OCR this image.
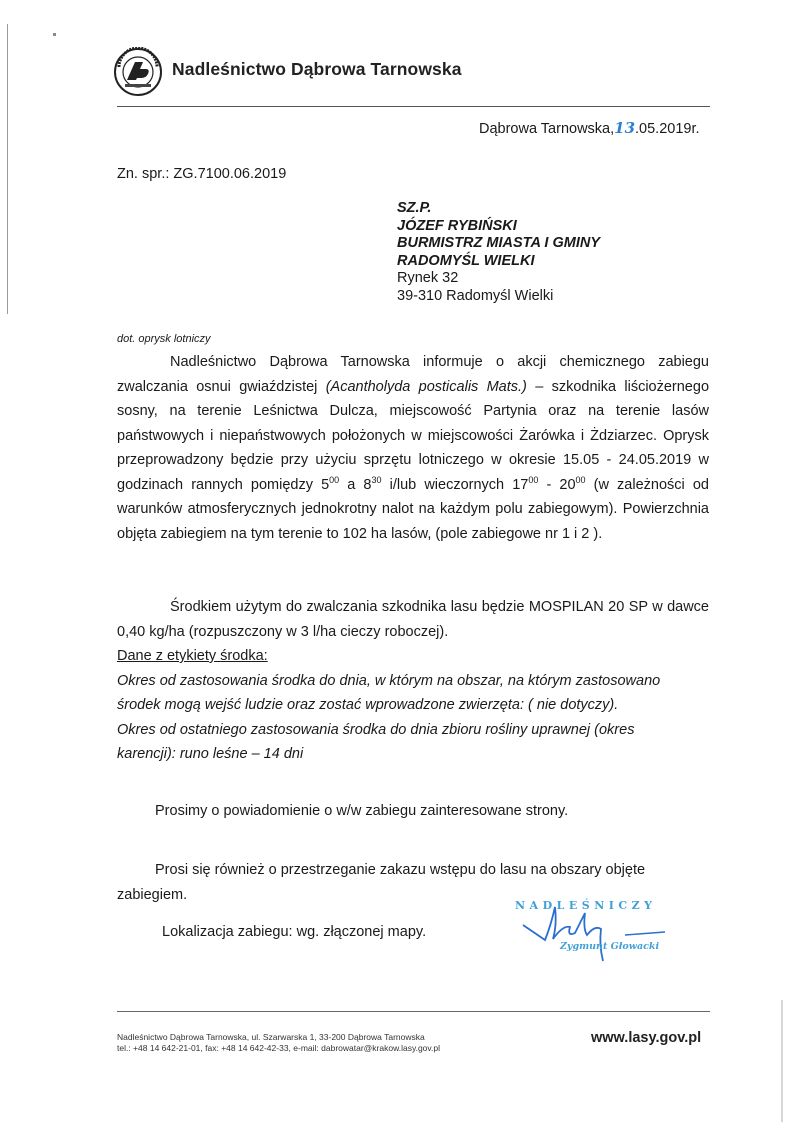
Nadleśnictwo Dąbrowa Tarnowska
Dąbrowa Tarnowska,13.05.2019r.
Zn. spr.: ZG.7100.06.2019
SZ.P.
JÓZEF RYBIŃSKI
BURMISTRZ MIASTA I GMINY
RADOMYŚL WIELKI
Rynek 32
39-310 Radomyśl Wielki
dot. oprysk lotniczy
Nadleśnictwo Dąbrowa Tarnowska informuje o akcji chemicznego zabiegu zwalczania osnui gwiaździstej (Acantholyda posticalis Mats.) – szkodnika liściożernego sosny, na terenie Leśnictwa Dulcza, miejscowość Partynia oraz na terenie lasów państwowych i niepaństwowych położonych w miejscowości Żarówka i Żdziarzec. Oprysk przeprowadzony będzie przy użyciu sprzętu lotniczego w okresie 15.05 - 24.05.2019 w godzinach rannych pomiędzy $5^{00}$ a $8^{30}$ i/lub wieczornych $17^{00} - 20^{00}$ (w zależności od warunków atmosferycznych jednokrotny nalot na każdym polu zabiegowym). Powierzchnia objęta zabiegiem na tym terenie to 102 ha lasów, (pole zabiegowe nr 1 i 2 ).
Środkiem użytym do zwalczania szkodnika lasu będzie MOSPILAN 20 SP w dawce 0,40 kg/ha (rozpuszczony w 3 l/ha cieczy roboczej).
Dane z etykiety środka:
Okres od zastosowania środka do dnia, w którym na obszar, na którym zastosowano środek mogą wejść ludzie oraz zostać wprowadzone zwierzęta: ( nie dotyczy).
Okres od ostatniego zastosowania środka do dnia zbioru rośliny uprawnej (okres karencji): runo leśne – 14 dni
Prosimy o powiadomienie o w/w zabiegu zainteresowane strony.
Prosi się również o przestrzeganie zakazu wstępu do lasu na obszary objęte zabiegiem.
Lokalizacja zabiegu: wg. złączonej mapy.
NADLEŚNICZY
Zygmunt Głowacki
Nadleśnictwo Dąbrowa Tarnowska, ul. Szarwarska 1, 33-200 Dąbrowa Tarnowska
tel.: +48 14 642-21-01, fax: +48 14 642-42-33, e-mail: dabrowatar@krakow.lasy.gov.pl
www.lasy.gov.pl
